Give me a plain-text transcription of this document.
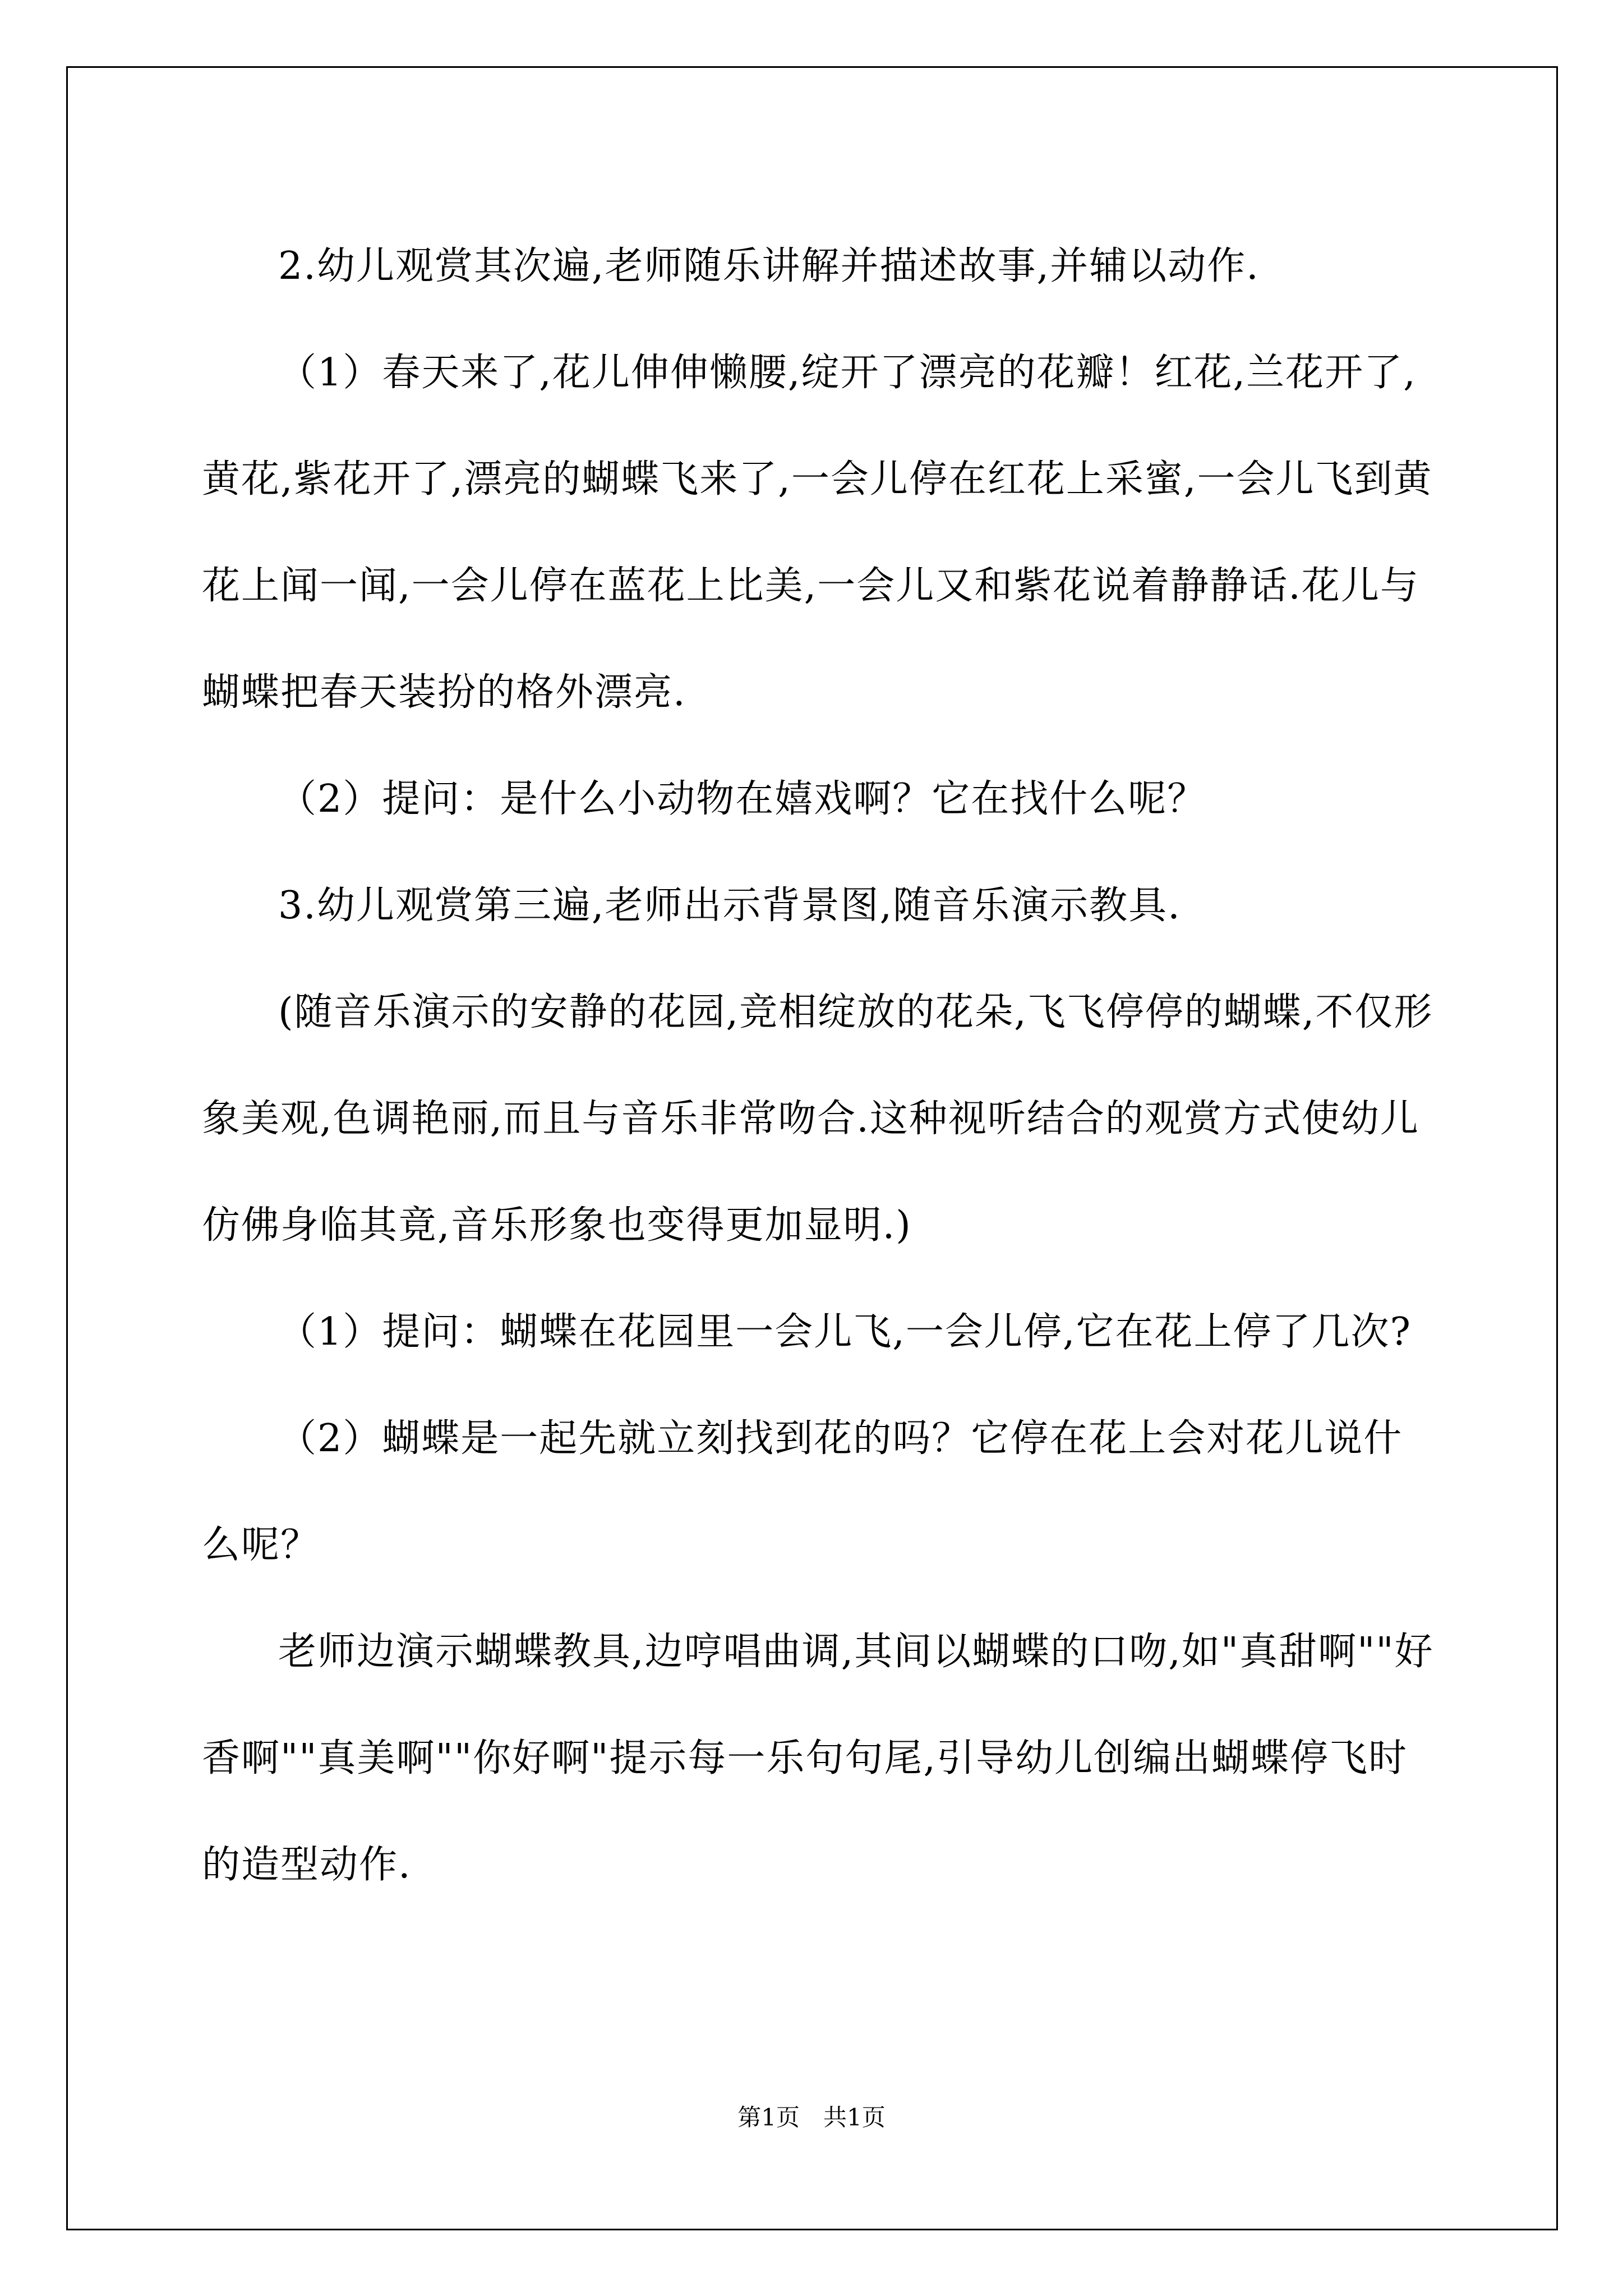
2.幼儿观赏其次遍,老师随乐讲解并描述故事,并辅以动作.

（1）春天来了,花儿伸伸懒腰,绽开了漂亮的花瓣！红花,兰花开了,黄花,紫花开了,漂亮的蝴蝶飞来了,一会儿停在红花上采蜜,一会儿飞到黄花上闻一闻,一会儿停在蓝花上比美,一会儿又和紫花说着静静话.花儿与蝴蝶把春天装扮的格外漂亮.

（2）提问：是什么小动物在嬉戏啊？它在找什么呢？

3.幼儿观赏第三遍,老师出示背景图,随音乐演示教具.

(随音乐演示的安静的花园,竞相绽放的花朵,飞飞停停的蝴蝶,不仅形象美观,色调艳丽,而且与音乐非常吻合.这种视听结合的观赏方式使幼儿仿佛身临其竟,音乐形象也变得更加显明.)

（1）提问：蝴蝶在花园里一会儿飞,一会儿停,它在花上停了几次?

（2）蝴蝶是一起先就立刻找到花的吗？它停在花上会对花儿说什么呢？

老师边演示蝴蝶教具,边哼唱曲调,其间以蝴蝶的口吻,如"真甜啊""好香啊""真美啊""你好啊"提示每一乐句句尾,引导幼儿创编出蝴蝶停飞时的造型动作.

第1页　共1页
